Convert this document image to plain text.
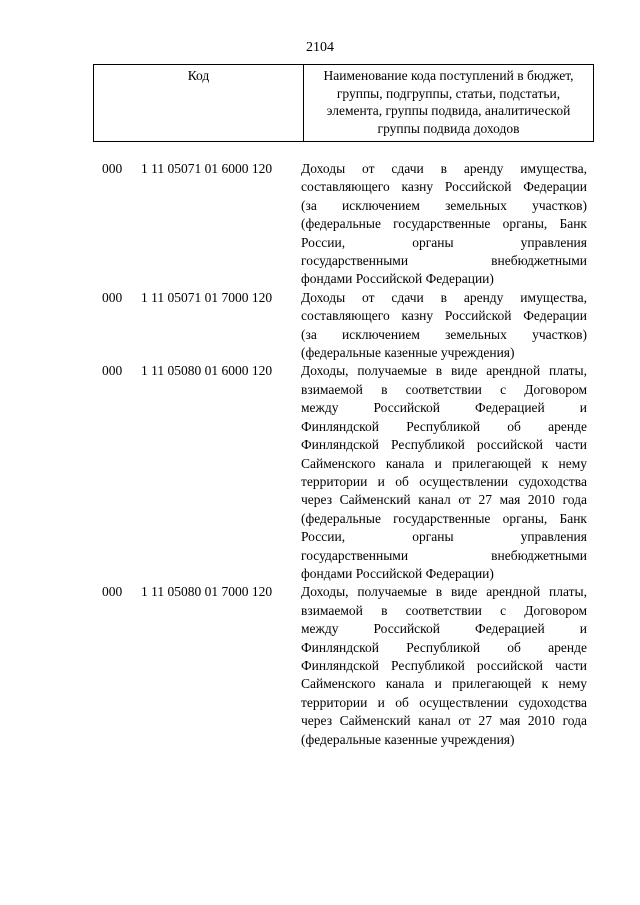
2104
Код	Наименование кода поступлений в бюджет, группы, подгруппы, статьи, подстатьи, элемента, группы подвида, аналитической группы подвида доходов
000 1 11 05071 01 6000 120 Доходы от сдачи в аренду имущества,
составляющего казну Российской Федерации
(за исключением земельных участков)
(федеральные государственные органы, Банк
России, органы управления
государственными внебюджетными
фондами Российской Федерации)
000 1 11 05071 01 7000 120 Доходы от сдачи в аренду имущества,
составляющего казну Российской Федерации
(за исключением земельных участков)
(федеральные казенные учреждения)
000 1 11 05080 01 6000 120 Доходы, получаемые в виде арендной платы,
взимаемой в соответствии с Договором
между Российской Федерацией и
Финляндской Республикой об аренде
Финляндской Республикой российской части
Сайменского канала и прилегающей к нему
территории и об осуществлении судоходства
через Сайменский канал от 27 мая 2010 года
(федеральные государственные органы, Банк
России, органы управления
государственными внебюджетными
фондами Российской Федерации)
000 1 11 05080 01 7000 120 Доходы, получаемые в виде арендной платы,
взимаемой в соответствии с Договором
между Российской Федерацией и
Финляндской Республикой об аренде
Финляндской Республикой российской части
Сайменского канала и прилегающей к нему
территории и об осуществлении судоходства
через Сайменский канал от 27 мая 2010 года
(федеральные казенные учреждения)
